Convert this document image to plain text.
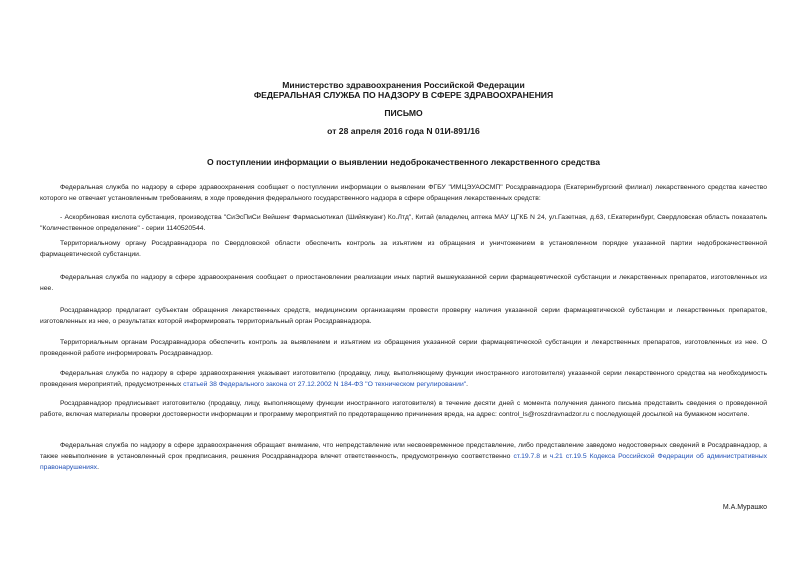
Министерство здравоохранения Российской Федерации
ФЕДЕРАЛЬНАЯ СЛУЖБА ПО НАДЗОРУ В СФЕРЕ ЗДРАВООХРАНЕНИЯ
ПИСЬМО
от 28 апреля 2016 года N 01И-891/16
О поступлении информации о выявлении недоброкачественного лекарственного средства
Федеральная служба по надзору в сфере здравоохранения сообщает о поступлении информации о выявлении ФГБУ "ИМЦЭУАОСМП" Росздравнадзора (Екатеринбургский филиал) лекарственного средства качество которого не отвечает установленным требованиям, в ходе проведения федерального государственного надзора в сфере обращения лекарственных средств:
- Аскорбиновая кислота субстанция, производства "СиЭсПиСи Вейшенг Фармасьютикал (Шийяжуанг) Ко.Лтд", Китай (владелец аптека МАУ ЦГКБ N 24, ул.Газетная, д.63, г.Екатеринбург, Свердловская область показатель "Количественное определение" - серии 1140520544.
Территориальному органу Росздравнадзора по Свердловской области обеспечить контроль за изъятием из обращения и уничтожением в установленном порядке указанной партии недоброкачественной фармацевтической субстанции.
Федеральная служба по надзору в сфере здравоохранения сообщает о приостановлении реализации иных партий вышеуказанной серии фармацевтической субстанции и лекарственных препаратов, изготовленных из нее.
Росздравнадзор предлагает субъектам обращения лекарственных средств, медицинским организациям провести проверку наличия указанной серии фармацевтической субстанции и лекарственных препаратов, изготовленных из нее, о результатах которой информировать территориальный орган Росздравнадзора.
Территориальным органам Росздравнадзора обеспечить контроль за выявлением и изъятием из обращения указанной серии фармацевтической субстанции и лекарственных препаратов, изготовленных из нее. О проведенной работе информировать Росздравнадзор.
Федеральная служба по надзору в сфере здравоохранения указывает изготовителю (продавцу, лицу, выполняющему функции иностранного изготовителя) указанной серии лекарственного средства на необходимость проведения мероприятий, предусмотренных статьей 38 Федерального закона от 27.12.2002 N 184-ФЗ "О техническом регулировании".
Росздравнадзор предписывает изготовителю (продавцу, лицу, выполняющему функции иностранного изготовителя) в течение десяти дней с момента получения данного письма представить сведения о проведенной работе, включая материалы проверки достоверности информации и программу мероприятий по предотвращению причинения вреда, на адрес: control_ls@roszdravnadzor.ru с последующей досылкой на бумажном носителе.
Федеральная служба по надзору в сфере здравоохранения обращает внимание, что непредставление или несвоевременное представление, либо представление заведомо недостоверных сведений в Росздравнадзор, а также невыполнение в установленный срок предписания, решения Росздравнадзора влечет ответственность, предусмотренную соответственно ст.19.7.8 и ч.21 ст.19.5 Кодекса Российской Федерации об административных правонарушениях.
М.А.Мурашко
